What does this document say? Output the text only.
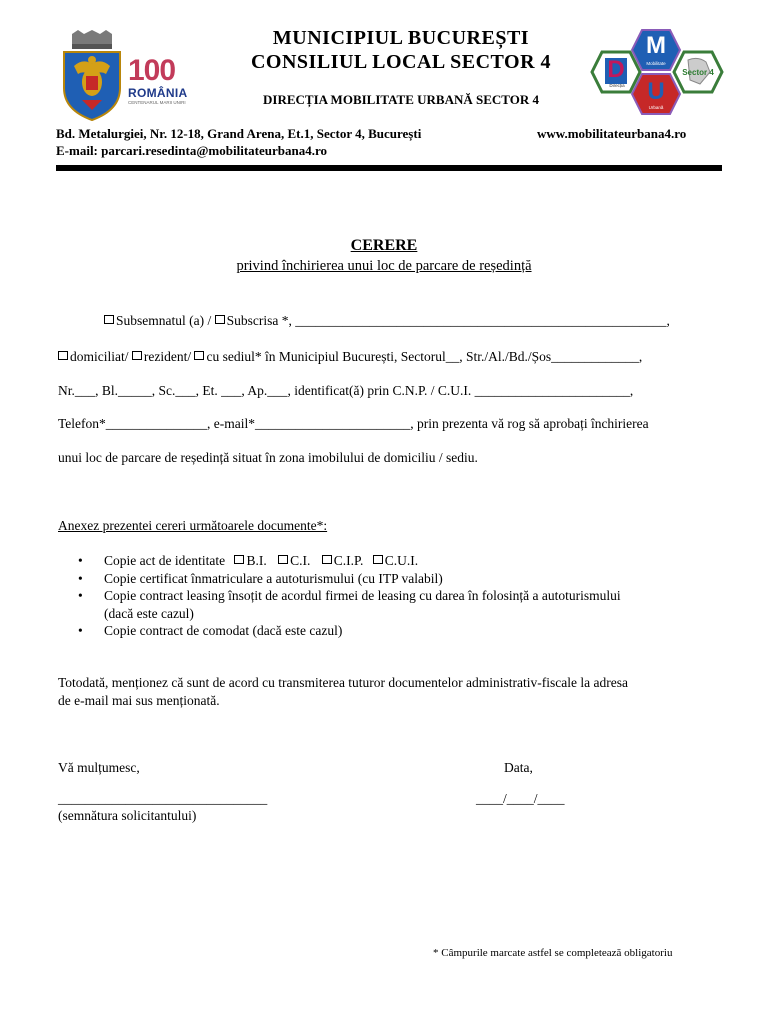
100
ROMÂNIA
CENTENARUL MARII UNIRI
MUNICIPIUL BUCUREȘTI
CONSILIUL LOCAL SECTOR 4
DIRECȚIA MOBILITATE URBANĂ SECTOR 4
D
M
U
Sector 4
Direcția
Mobilitate
Urbană
Bd. Metalurgiei, Nr. 12-18, Grand Arena, Et.1, Sector 4, București	www.mobilitateurbana4.ro
E-mail: parcari.resedinta@mobilitateurbana4.ro
CERERE
privind închirierea unui loc de parcare de reședință
Subsemnatul (a) / Subscrisa *, _______________________________________________________,
domiciliat/ rezident/ cu sediul* în Municipiul București, Sectorul__, Str./Al./Bd./Șos_____________,
Nr.___, Bl._____, Sc.___, Et. ___, Ap.___, identificat(ă) prin C.N.P. / C.U.I. _______________________,
Telefon*_______________, e-mail*_______________________, prin prezenta vă rog să aprobați închirierea
unui loc de parcare de reședință situat în zona imobilului de domiciliu / sediu.
Anexez prezentei cereri următoarele documente*:
• Copie act de identitate B.I. C.I. C.I.P. C.U.I.
• Copie certificat înmatriculare a autoturismului (cu ITP valabil)
• Copie contract leasing însoțit de acordul firmei de leasing cu darea în folosință a autoturismului
(dacă este cazul)
• Copie contract de comodat (dacă este cazul)
Totodată, menționez că sunt de acord cu transmiterea tuturor documentelor administrativ-fiscale la adresa
de e-mail mai sus menționată.
Vă mulțumesc,	Data,
_______________________________	____/____/____
(semnătura solicitantului)
* Câmpurile marcate astfel se completează obligatoriu
